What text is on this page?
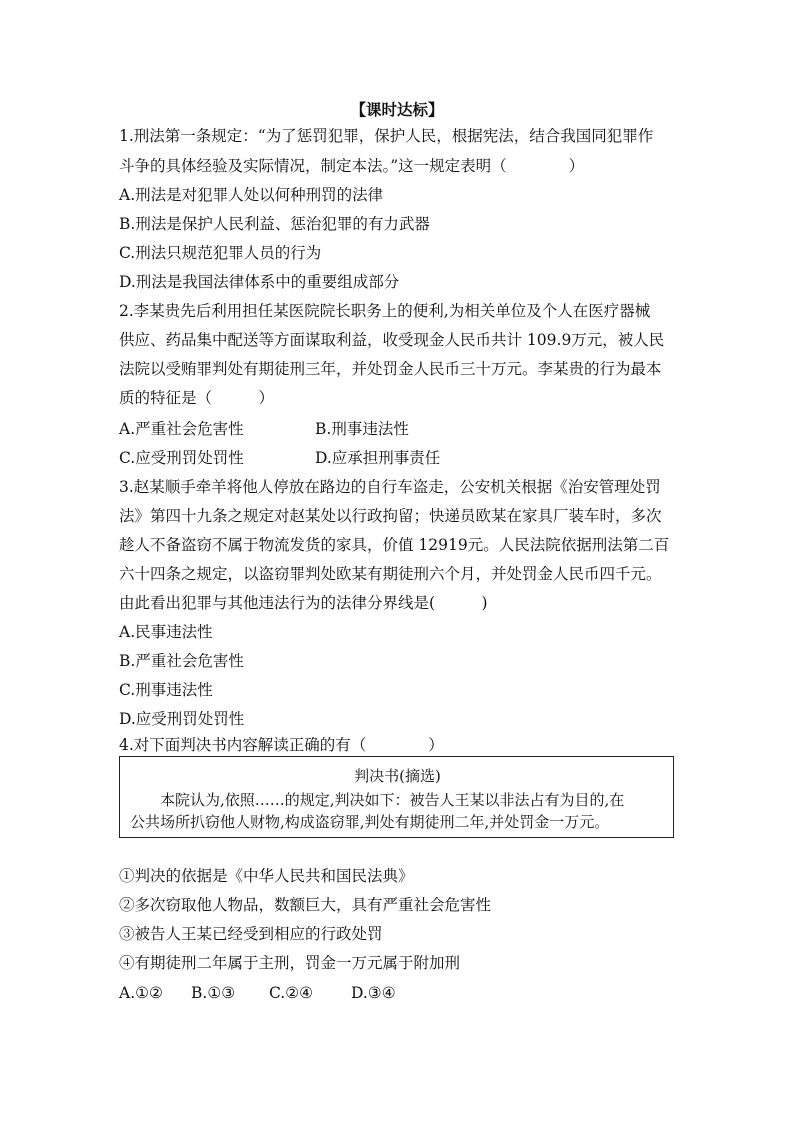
【课时达标】
1.刑法第一条规定：“为了惩罚犯罪，保护人民，根据宪法，结合我国同犯罪作
斗争的具体经验及实际情况，制定本法。”这一规定表明（　　　　）
A.刑法是对犯罪人处以何种刑罚的法律
B.刑法是保护人民利益、惩治犯罪的有力武器
C.刑法只规范犯罪人员的行为
D.刑法是我国法律体系中的重要组成部分
2.李某贵先后利用担任某医院院长职务上的便利,为相关单位及个人在医疗器械
供应、药品集中配送等方面谋取利益，收受现金人民币共计 109.9万元，被人民
法院以受贿罪判处有期徒刑三年，并处罚金人民币三十万元。李某贵的行为最本
质的特征是（　　　）
A.严重社会危害性	B.刑事违法性
C.应受刑罚处罚性	D.应承担刑事责任
3.赵某顺手牵羊将他人停放在路边的自行车盗走，公安机关根据《治安管理处罚
法》第四十九条之规定对赵某处以行政拘留；快递员欧某在家具厂装车时，多次
趁人不备盗窃不属于物流发货的家具，价值 12919元。人民法院依据刑法第二百
六十四条之规定，以盗窃罪判处欧某有期徒刑六个月，并处罚金人民币四千元。
由此看出犯罪与其他违法行为的法律分界线是(　　　)
A.民事违法性
B.严重社会危害性
C.刑事违法性
D.应受刑罚处罚性
4.对下面判决书内容解读正确的有（　　　　）
判决书(摘选)
　　本院认为,依照……的规定,判决如下：被告人王某以非法占有为目的,在
公共场所扒窃他人财物,构成盗窃罪,判处有期徒刑二年,并处罚金一万元。
①判决的依据是《中华人民共和国民法典》
②多次窃取他人物品，数额巨大，具有严重社会危害性
③被告人王某已经受到相应的行政处罚
④有期徒刑二年属于主刑，罚金一万元属于附加刑
A.①② B.①③ C.②④ D.③④
